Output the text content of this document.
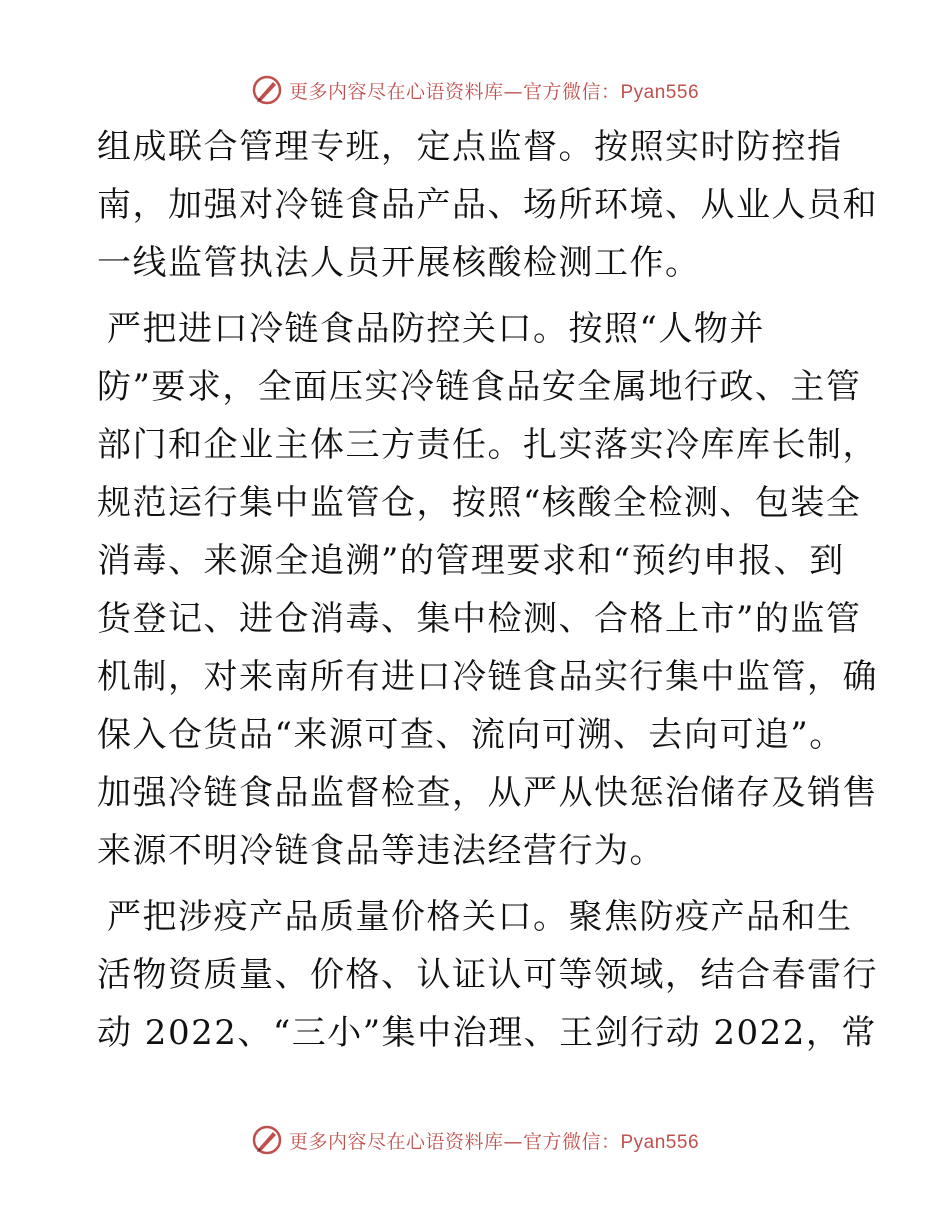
更多内容尽在心语资料库—官方微信：Pyan556

组成联合管理专班，定点监督。按照实时防控指
南，加强对冷链食品产品、场所环境、从业人员和
一线监管执法人员开展核酸检测工作。

严把进口冷链食品防控关口。按照“人物并
防”要求，全面压实冷链食品安全属地行政、主管
部门和企业主体三方责任。扎实落实冷库库长制，
规范运行集中监管仓，按照“核酸全检测、包装全
消毒、来源全追溯”的管理要求和“预约申报、到
货登记、进仓消毒、集中检测、合格上市”的监管
机制，对来南所有进口冷链食品实行集中监管，确
保入仓货品“来源可查、流向可溯、去向可追”。
加强冷链食品监督检查，从严从快惩治储存及销售
来源不明冷链食品等违法经营行为。

严把涉疫产品质量价格关口。聚焦防疫产品和生
活物资质量、价格、认证认可等领域，结合春雷行
动 2022、“三小”集中治理、王剑行动 2022，常

更多内容尽在心语资料库—官方微信：Pyan556
